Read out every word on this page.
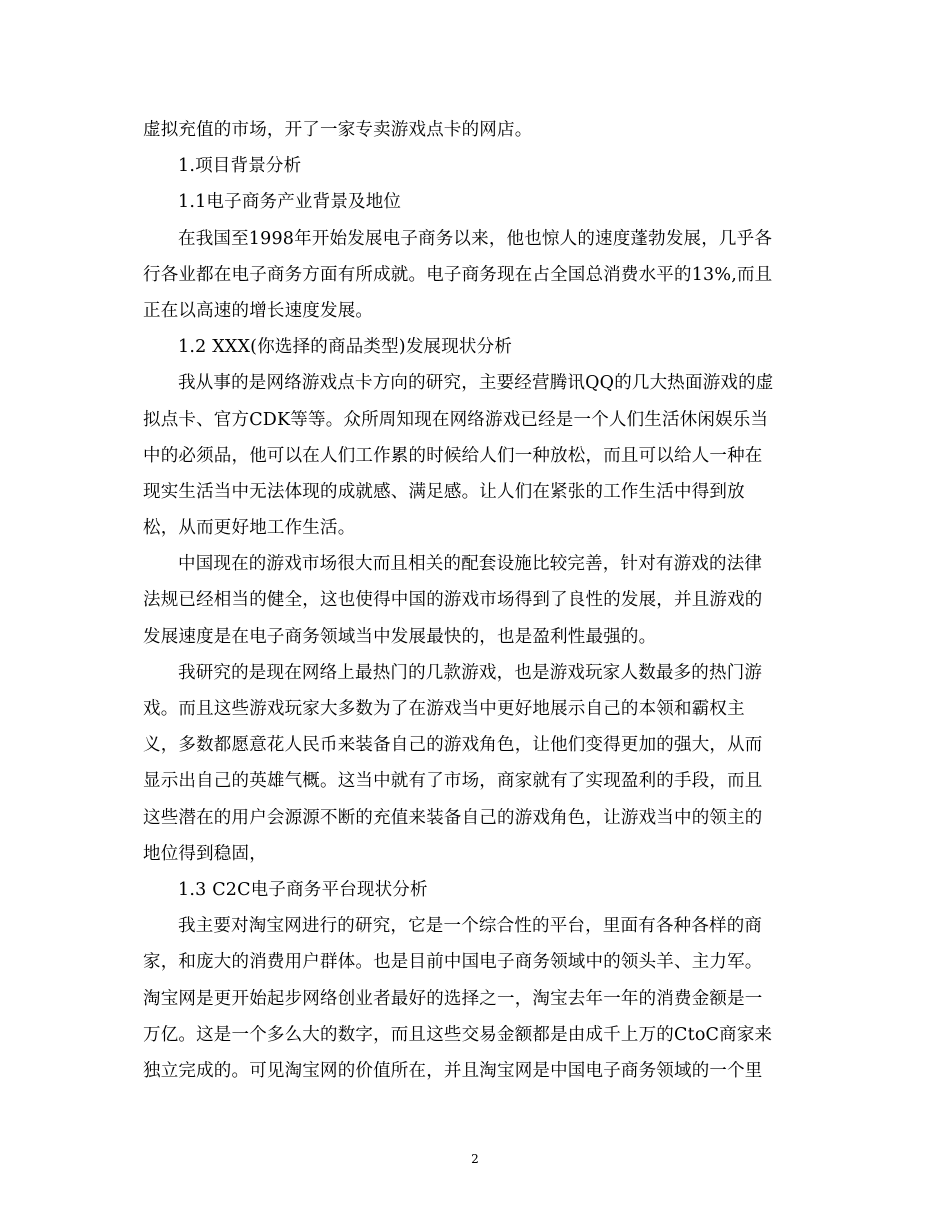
虚拟充值的市场，开了一家专卖游戏点卡的网店。
1.项目背景分析
1.1电子商务产业背景及地位
在我国至1998年开始发展电子商务以来，他也惊人的速度蓬勃发展，几乎各
行各业都在电子商务方面有所成就。电子商务现在占全国总消费水平的13%,而且
正在以高速的增长速度发展。
1.2 XXX(你选择的商品类型)发展现状分析
我从事的是网络游戏点卡方向的研究，主要经营腾讯QQ的几大热面游戏的虚
拟点卡、官方CDK等等。众所周知现在网络游戏已经是一个人们生活休闲娱乐当
中的必须品，他可以在人们工作累的时候给人们一种放松，而且可以给人一种在
现实生活当中无法体现的成就感、满足感。让人们在紧张的工作生活中得到放
松，从而更好地工作生活。
中国现在的游戏市场很大而且相关的配套设施比较完善，针对有游戏的法律
法规已经相当的健全，这也使得中国的游戏市场得到了良性的发展，并且游戏的
发展速度是在电子商务领域当中发展最快的，也是盈利性最强的。
我研究的是现在网络上最热门的几款游戏，也是游戏玩家人数最多的热门游
戏。而且这些游戏玩家大多数为了在游戏当中更好地展示自己的本领和霸权主
义，多数都愿意花人民币来装备自己的游戏角色，让他们变得更加的强大，从而
显示出自己的英雄气概。这当中就有了市场，商家就有了实现盈利的手段，而且
这些潜在的用户会源源不断的充值来装备自己的游戏角色，让游戏当中的领主的
地位得到稳固，
1.3 C2C电子商务平台现状分析
我主要对淘宝网进行的研究，它是一个综合性的平台，里面有各种各样的商
家，和庞大的消费用户群体。也是目前中国电子商务领域中的领头羊、主力军。
淘宝网是更开始起步网络创业者最好的选择之一，淘宝去年一年的消费金额是一
万亿。这是一个多么大的数字，而且这些交易金额都是由成千上万的CtoC商家来
独立完成的。可见淘宝网的价值所在，并且淘宝网是中国电子商务领域的一个里
2
